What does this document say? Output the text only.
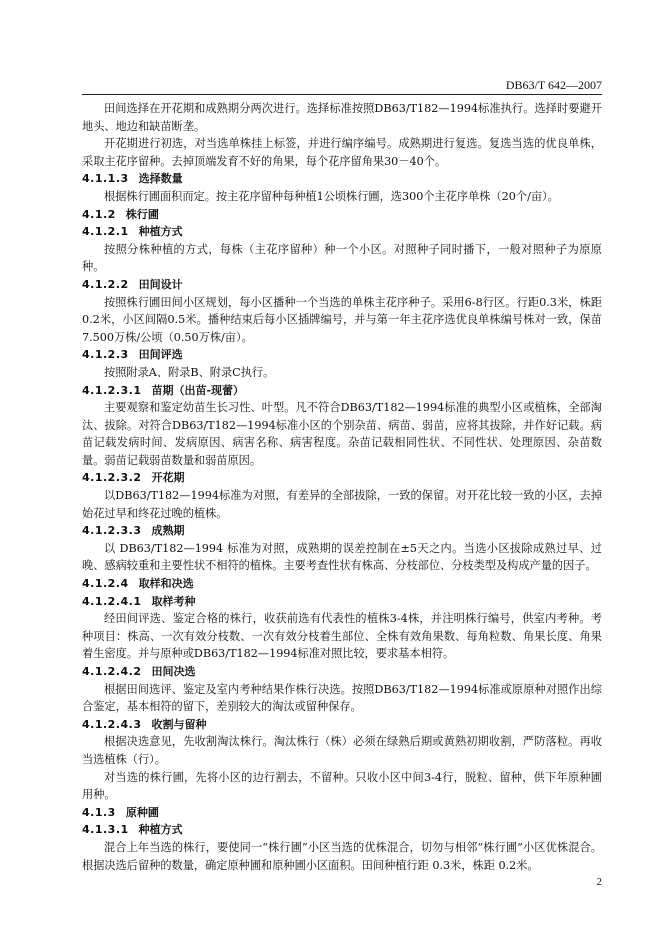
DB63/T 642—2007

田间选择在开花期和成熟期分两次进行。选择标准按照DB63/T182—1994标准执行。选择时要避开地头、地边和缺苗断垄。

开花期进行初选，对当选单株挂上标签，并进行编序编号。成熟期进行复选。复选当选的优良单株，采取主花序留种。去掉顶端发育不好的角果，每个花序留角果30－40个。

4.1.1.3 选择数量

根据株行圃面积而定。按主花序留种每种植1公顷株行圃，选300个主花序单株（20个/亩）。

4.1.2 株行圃
4.1.2.1 种植方式

按照分株种植的方式，每株（主花序留种）种一个小区。对照种子同时播下，一般对照种子为原原种。

4.1.2.2 田间设计

按照株行圃田间小区规划，每小区播种一个当选的单株主花序种子。采用6-8行区。行距0.3米，株距0.2米，小区间隔0.5米。播种结束后每小区插牌编号，并与第一年主花序选优良单株编号株对一致，保苗7.500万株/公顷（0.50万株/亩）。

4.1.2.3 田间评选

按照附录A、附录B、附录C执行。

4.1.2.3.1 苗期（出苗-现蕾）

主要观察和鉴定幼苗生长习性、叶型。凡不符合DB63/T182—1994标准的典型小区或植株，全部淘汰、拔除。对符合DB63/T182—1994标准小区的个别杂苗、病苗、弱苗，应将其拔除，并作好记载。病苗记载发病时间、发病原因、病害名称、病害程度。杂苗记载相同性状、不同性状、处理原因、杂苗数量。弱苗记载弱苗数量和弱苗原因。

4.1.2.3.2 开花期

以DB63/T182—1994标准为对照，有差异的全部拔除，一致的保留。对开花比较一致的小区，去掉始花过早和终花过晚的植株。

4.1.2.3.3 成熟期

以 DB63/T182—1994 标准为对照，成熟期的误差控制在±5天之内。当选小区拔除成熟过早、过晚、感病较重和主要性状不相符的植株。主要考查性状有株高、分枝部位、分枝类型及构成产量的因子。

4.1.2.4 取样和决选
4.1.2.4.1 取样考种

经田间评选、鉴定合格的株行，收获前选有代表性的植株3-4株，并注明株行编号，供室内考种。考种项目：株高、一次有效分枝数、一次有效分枝着生部位、全株有效角果数、每角粒数、角果长度、角果着生密度。并与原种或DB63/T182—1994标准对照比较，要求基本相符。

4.1.2.4.2 田间决选

根据田间选评、鉴定及室内考种结果作株行决选。按照DB63/T182—1994标准或原原种对照作出综合鉴定，基本相符的留下，差别较大的淘汰或留种保存。

4.1.2.4.3 收割与留种

根据决选意见，先收割淘汰株行。淘汰株行（株）必须在绿熟后期或黄熟初期收割，严防落粒。再收当选植株（行）。

对当选的株行圃，先将小区的边行割去，不留种。只收小区中间3-4行，脱粒、留种，供下年原种圃用种。

4.1.3 原种圃
4.1.3.1 种植方式

混合上年当选的株行，要使同一“株行圃”小区当选的优株混合，切勿与相邻“株行圃”小区优株混合。根据决选后留种的数量，确定原种圃和原种圃小区面积。田间种植行距 0.3米，株距 0.2米。

2
